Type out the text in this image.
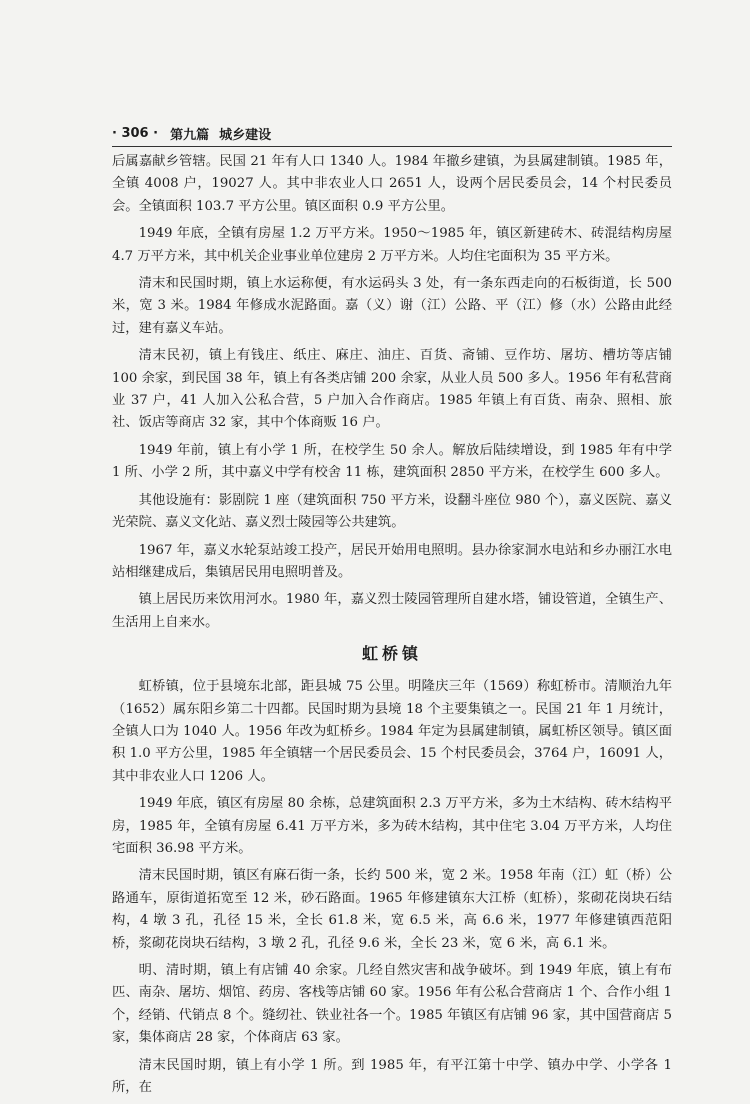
· 306 · 第九篇 城乡建设

后属嘉献乡管辖。民国 21 年有人口 1340 人。1984 年撤乡建镇，为县属建制镇。1985 年，全镇 4008 户，19027 人。其中非农业人口 2651 人，设两个居民委员会，14 个村民委员会。全镇面积 103.7 平方公里。镇区面积 0.9 平方公里。

1949 年底，全镇有房屋 1.2 万平方米。1950～1985 年，镇区新建砖木、砖混结构房屋 4.7 万平方米，其中机关企业事业单位建房 2 万平方米。人均住宅面积为 35 平方米。

清末和民国时期，镇上水运称便，有水运码头 3 处，有一条东西走向的石板街道，长 500 米，宽 3 米。1984 年修成水泥路面。嘉（义）谢（江）公路、平（江）修（水）公路由此经过，建有嘉义车站。

清末民初，镇上有钱庄、纸庄、麻庄、油庄、百货、斋铺、豆作坊、屠坊、槽坊等店铺 100 余家，到民国 38 年，镇上有各类店铺 200 余家，从业人员 500 多人。1956 年有私营商业 37 户，41 人加入公私合营，5 户加入合作商店。1985 年镇上有百货、南杂、照相、旅社、饭店等商店 32 家，其中个体商贩 16 户。

1949 年前，镇上有小学 1 所，在校学生 50 余人。解放后陆续增设，到 1985 年有中学 1 所、小学 2 所，其中嘉义中学有校舍 11 栋，建筑面积 2850 平方米，在校学生 600 多人。

其他设施有：影剧院 1 座（建筑面积 750 平方米，设翻斗座位 980 个），嘉义医院、嘉义光荣院、嘉义文化站、嘉义烈士陵园等公共建筑。

1967 年，嘉义水轮泵站竣工投产，居民开始用电照明。县办徐家洞水电站和乡办丽江水电站相继建成后，集镇居民用电照明普及。

镇上居民历来饮用河水。1980 年，嘉义烈士陵园管理所自建水塔，铺设管道，全镇生产、生活用上自来水。

虹桥镇

虹桥镇，位于县境东北部，距县城 75 公里。明隆庆三年（1569）称虹桥市。清顺治九年（1652）属东阳乡第二十四都。民国时期为县境 18 个主要集镇之一。民国 21 年 1 月统计，全镇人口为 1040 人。1956 年改为虹桥乡。1984 年定为县属建制镇，属虹桥区领导。镇区面积 1.0 平方公里，1985 年全镇辖一个居民委员会、15 个村民委员会，3764 户，16091 人，其中非农业人口 1206 人。

1949 年底，镇区有房屋 80 余栋，总建筑面积 2.3 万平方米，多为土木结构、砖木结构平房，1985 年，全镇有房屋 6.41 万平方米，多为砖木结构，其中住宅 3.04 万平方米，人均住宅面积 36.98 平方米。

清末民国时期，镇区有麻石街一条，长约 500 米，宽 2 米。1958 年南（江）虹（桥）公路通车，原街道拓宽至 12 米，砂石路面。1965 年修建镇东大江桥（虹桥），浆砌花岗块石结构，4 墩 3 孔，孔径 15 米，全长 61.8 米，宽 6.5 米，高 6.6 米，1977 年修建镇西范阳桥，浆砌花岗块石结构，3 墩 2 孔，孔径 9.6 米，全长 23 米，宽 6 米，高 6.1 米。

明、清时期，镇上有店铺 40 余家。几经自然灾害和战争破坏。到 1949 年底，镇上有布匹、南杂、屠坊、烟馆、药房、客栈等店铺 60 家。1956 年有公私合营商店 1 个、合作小组 1 个，经销、代销点 8 个。缝纫社、铁业社各一个。1985 年镇区有店铺 96 家，其中国营商店 5 家，集体商店 28 家，个体商店 63 家。

清末民国时期，镇上有小学 1 所。到 1985 年，有平江第十中学、镇办中学、小学各 1 所，在
